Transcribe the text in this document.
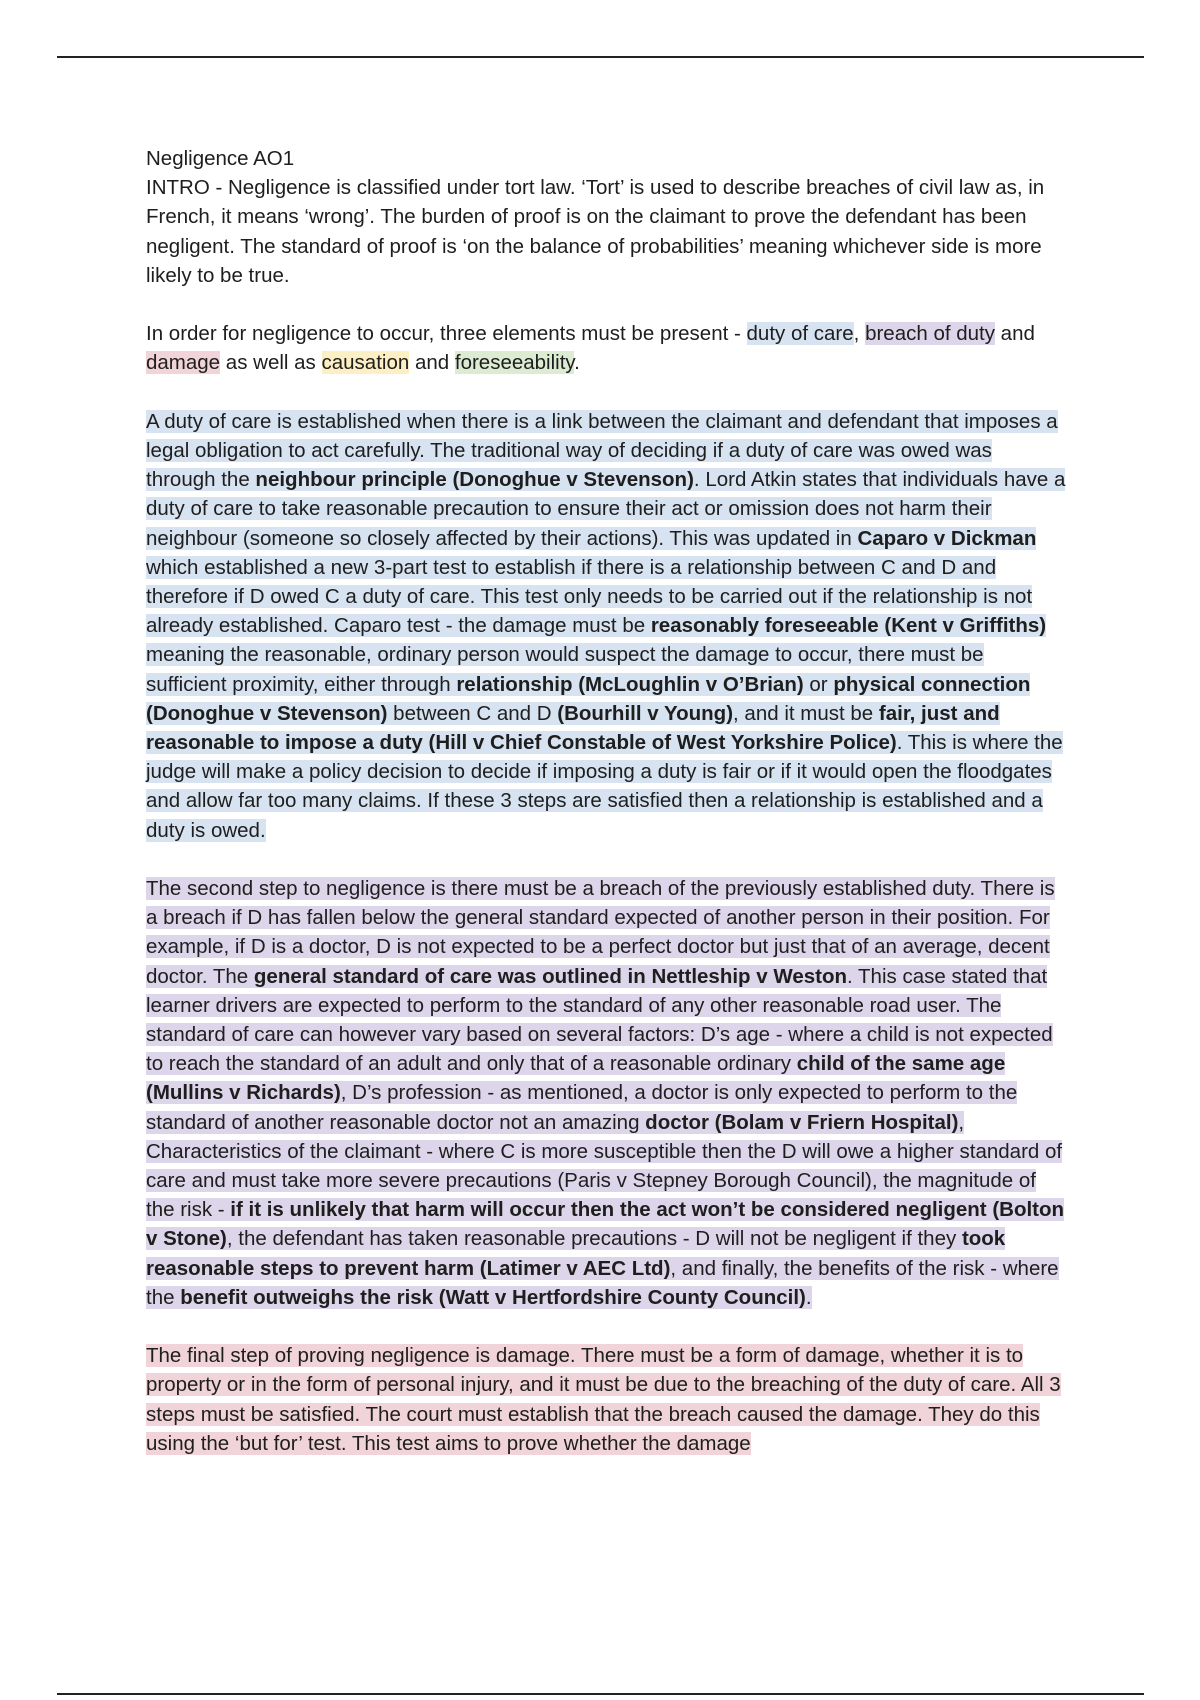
Negligence AO1

INTRO - Negligence is classified under tort law. ‘Tort’ is used to describe breaches of civil law as, in French, it means ‘wrong’. The burden of proof is on the claimant to prove the defendant has been negligent. The standard of proof is ‘on the balance of probabilities’ meaning whichever side is more likely to be true.

In order for negligence to occur, three elements must be present - duty of care, breach of duty and damage as well as causation and foreseeability.

A duty of care is established when there is a link between the claimant and defendant that imposes a legal obligation to act carefully. The traditional way of deciding if a duty of care was owed was through the neighbour principle (Donoghue v Stevenson). Lord Atkin states that individuals have a duty of care to take reasonable precaution to ensure their act or omission does not harm their neighbour (someone so closely affected by their actions). This was updated in Caparo v Dickman which established a new 3-part test to establish if there is a relationship between C and D and therefore if D owed C a duty of care. This test only needs to be carried out if the relationship is not already established. Caparo test - the damage must be reasonably foreseeable (Kent v Griffiths) meaning the reasonable, ordinary person would suspect the damage to occur, there must be sufficient proximity, either through relationship (McLoughlin v O’Brian) or physical connection (Donoghue v Stevenson) between C and D (Bourhill v Young), and it must be fair, just and reasonable to impose a duty (Hill v Chief Constable of West Yorkshire Police). This is where the judge will make a policy decision to decide if imposing a duty is fair or if it would open the floodgates and allow far too many claims. If these 3 steps are satisfied then a relationship is established and a duty is owed.

The second step to negligence is there must be a breach of the previously established duty. There is a breach if D has fallen below the general standard expected of another person in their position. For example, if D is a doctor, D is not expected to be a perfect doctor but just that of an average, decent doctor. The general standard of care was outlined in Nettleship v Weston. This case stated that learner drivers are expected to perform to the standard of any other reasonable road user. The standard of care can however vary based on several factors: D’s age - where a child is not expected to reach the standard of an adult and only that of a reasonable ordinary child of the same age (Mullins v Richards), D’s profession - as mentioned, a doctor is only expected to perform to the standard of another reasonable doctor not an amazing doctor (Bolam v Friern Hospital), Characteristics of the claimant - where C is more susceptible then the D will owe a higher standard of care and must take more severe precautions (Paris v Stepney Borough Council), the magnitude of the risk - if it is unlikely that harm will occur then the act won’t be considered negligent (Bolton v Stone), the defendant has taken reasonable precautions - D will not be negligent if they took reasonable steps to prevent harm (Latimer v AEC Ltd), and finally, the benefits of the risk - where the benefit outweighs the risk (Watt v Hertfordshire County Council).

The final step of proving negligence is damage. There must be a form of damage, whether it is to property or in the form of personal injury, and it must be due to the breaching of the duty of care. All 3 steps must be satisfied. The court must establish that the breach caused the damage. They do this using the ‘but for’ test. This test aims to prove whether the damage
